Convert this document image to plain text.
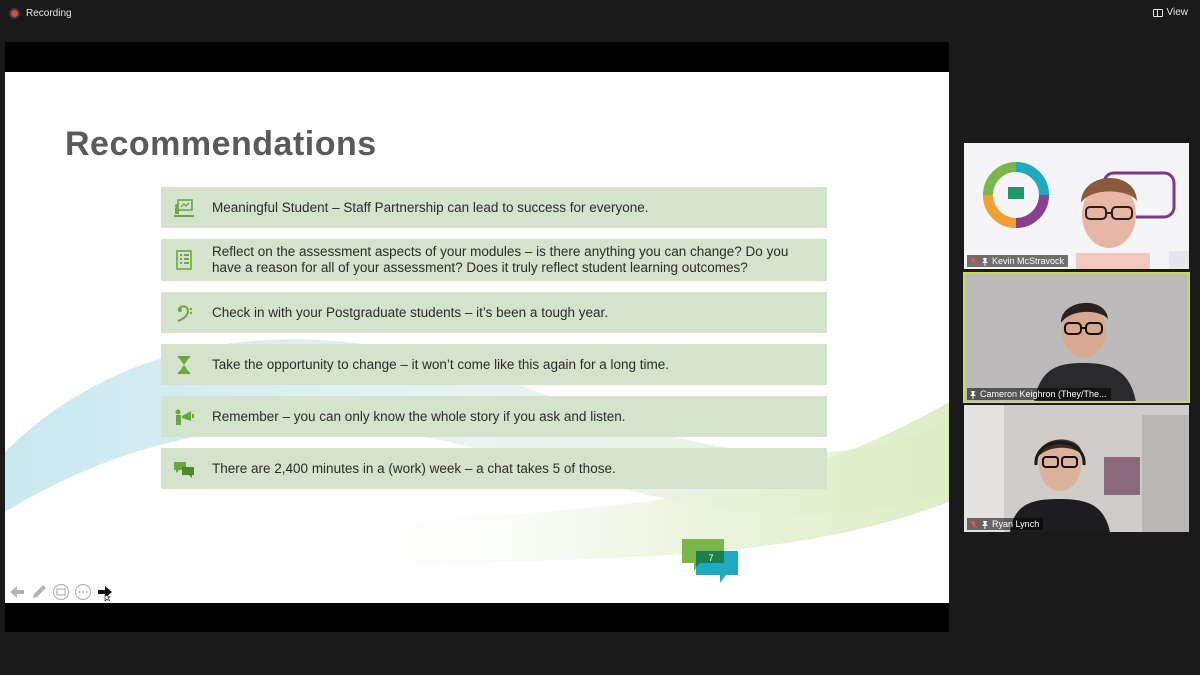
Recording	View
Recommendations
Meaningful Student – Staff Partnership can lead to success for everyone.
Reflect on the assessment aspects of your modules – is there anything you can change? Do you have a reason for all of your assessment? Does it truly reflect student learning outcomes?
Check in with your Postgraduate students – it’s been a tough year.
Take the opportunity to change – it won’t come like this again for a long time.
Remember – you can only know the whole story if you ask and listen.
There are 2,400 minutes in a (work) week – a chat takes 5 of those.
7
Kevin McStravock
Cameron Keighron (They/The...
Ryan Lynch
